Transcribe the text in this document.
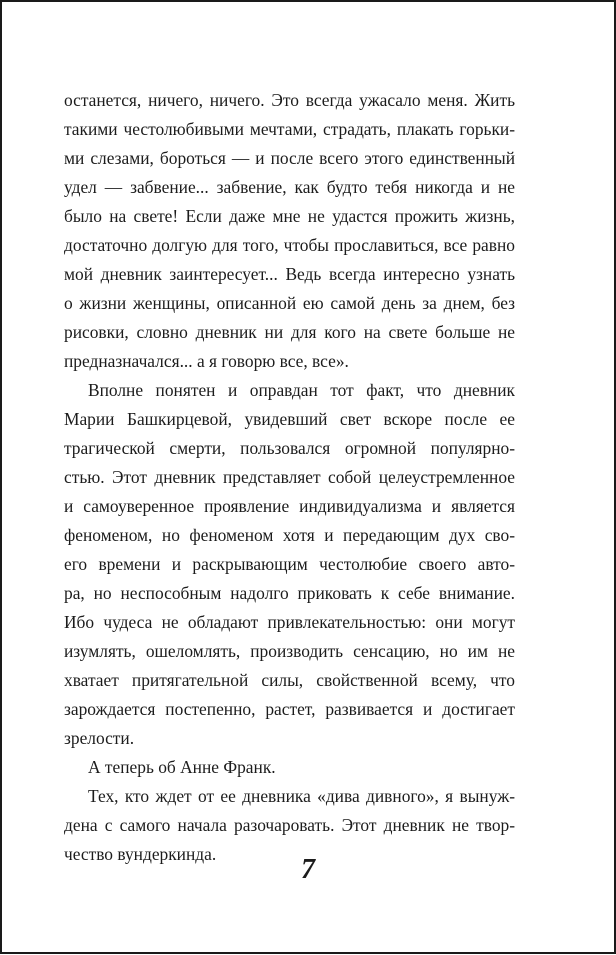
останется, ничего, ничего. Это всегда ужасало меня. Жить
такими честолюбивыми мечтами, страдать, плакать горьки-
ми слезами, бороться — и после всего этого единственный
удел — забвение... забвение, как будто тебя никогда и не
было на свете! Если даже мне не удастся прожить жизнь,
достаточно долгую для того, чтобы прославиться, все равно
мой дневник заинтересует... Ведь всегда интересно узнать
о жизни женщины, описанной ею самой день за днем, без
рисовки, словно дневник ни для кого на свете больше не
предназначался... а я говорю все, все».
Вполне понятен и оправдан тот факт, что дневник
Марии Башкирцевой, увидевший свет вскоре после ее
трагической смерти, пользовался огромной популярно-
стью. Этот дневник представляет собой целеустремленное
и самоуверенное проявление индивидуализма и является
феноменом, но феноменом хотя и передающим дух сво-
его времени и раскрывающим честолюбие своего авто-
ра, но неспособным надолго приковать к себе внимание.
Ибо чудеса не обладают привлекательностью: они могут
изумлять, ошеломлять, производить сенсацию, но им не
хватает притягательной силы, свойственной всему, что
зарождается постепенно, растет, развивается и достигает
зрелости.
А теперь об Анне Франк.
Тех, кто ждет от ее дневника «дива дивного», я вынуж-
дена с самого начала разочаровать. Этот дневник не твор-
чество вундеркинда.	7
